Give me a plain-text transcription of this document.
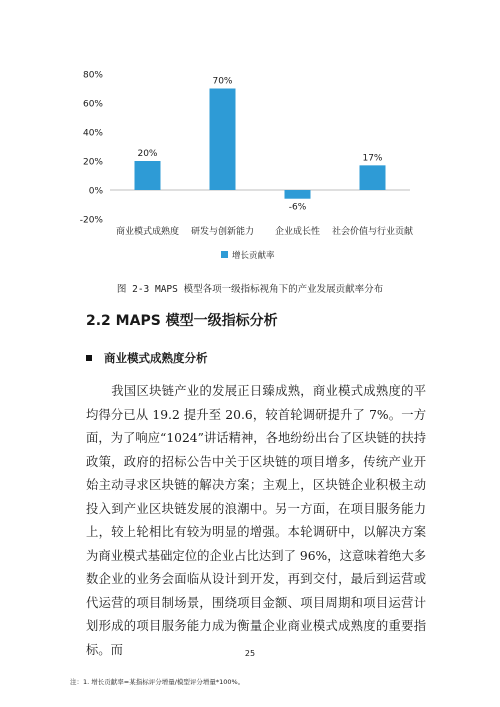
80%
60%
40%
20%
0%
-20%
20%
商业模式成熟度
70%
研发与创新能力
-6%
企业成长性
17%
社会价值与行业贡献
增长贡献率
图 2-3 MAPS 模型各项一级指标视角下的产业发展贡献率分布
2.2 MAPS 模型一级指标分析
商业模式成熟度分析
我国区块链产业的发展正日臻成熟，商业模式成熟度的平均得分已从 19.2 提升至 20.6，较首轮调研提升了 7%。一方面，为了响应“1024”讲话精神，各地纷纷出台了区块链的扶持政策，政府的招标公告中关于区块链的项目增多，传统产业开始主动寻求区块链的解决方案；主观上，区块链企业积极主动投入到产业区块链发展的浪潮中。另一方面，在项目服务能力上，较上轮相比有较为明显的增强。本轮调研中，以解决方案为商业模式基础定位的企业占比达到了 96%，这意味着绝大多数企业的业务会面临从设计到开发，再到交付，最后到运营或代运营的项目制场景，围绕项目金额、项目周期和项目运营计划形成的项目服务能力成为衡量企业商业模式成熟度的重要指标。而	25
注：1. 增长贡献率=某指标评分增量/模型评分增量*100%。
